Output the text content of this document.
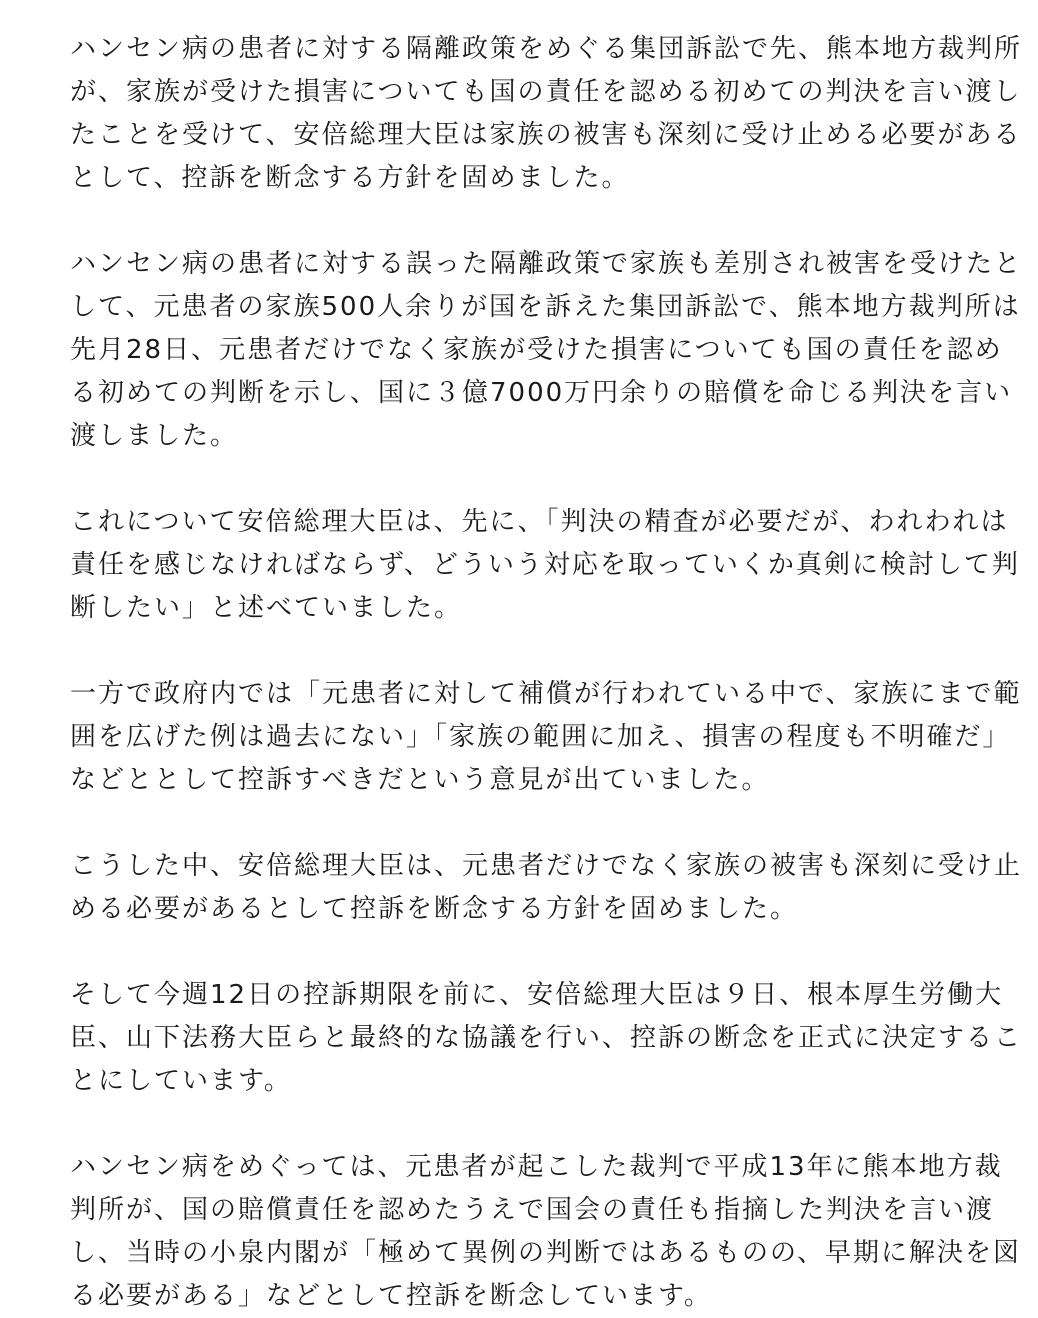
ハンセン病の患者に対する隔離政策をめぐる集団訴訟で先、熊本地方裁判所
が、家族が受けた損害についても国の責任を認める初めての判決を言い渡し
たことを受けて、安倍総理大臣は家族の被害も深刻に受け止める必要がある
として、控訴を断念する方針を固めました。

ハンセン病の患者に対する誤った隔離政策で家族も差別され被害を受けたと
して、元患者の家族500人余りが国を訴えた集団訴訟で、熊本地方裁判所は
先月28日、元患者だけでなく家族が受けた損害についても国の責任を認め
る初めての判断を示し、国に３億7000万円余りの賠償を命じる判決を言い
渡しました。

これについて安倍総理大臣は、先に、「判決の精査が必要だが、われわれは
責任を感じなければならず、どういう対応を取っていくか真剣に検討して判
断したい」と述べていました。

一方で政府内では「元患者に対して補償が行われている中で、家族にまで範
囲を広げた例は過去にない」「家族の範囲に加え、損害の程度も不明確だ」
などととして控訴すべきだという意見が出ていました。

こうした中、安倍総理大臣は、元患者だけでなく家族の被害も深刻に受け止
める必要があるとして控訴を断念する方針を固めました。

そして今週12日の控訴期限を前に、安倍総理大臣は９日、根本厚生労働大
臣、山下法務大臣らと最終的な協議を行い、控訴の断念を正式に決定するこ
とにしています。

ハンセン病をめぐっては、元患者が起こした裁判で平成13年に熊本地方裁
判所が、国の賠償責任を認めたうえで国会の責任も指摘した判決を言い渡
し、当時の小泉内閣が「極めて異例の判断ではあるものの、早期に解決を図
る必要がある」などとして控訴を断念しています。
